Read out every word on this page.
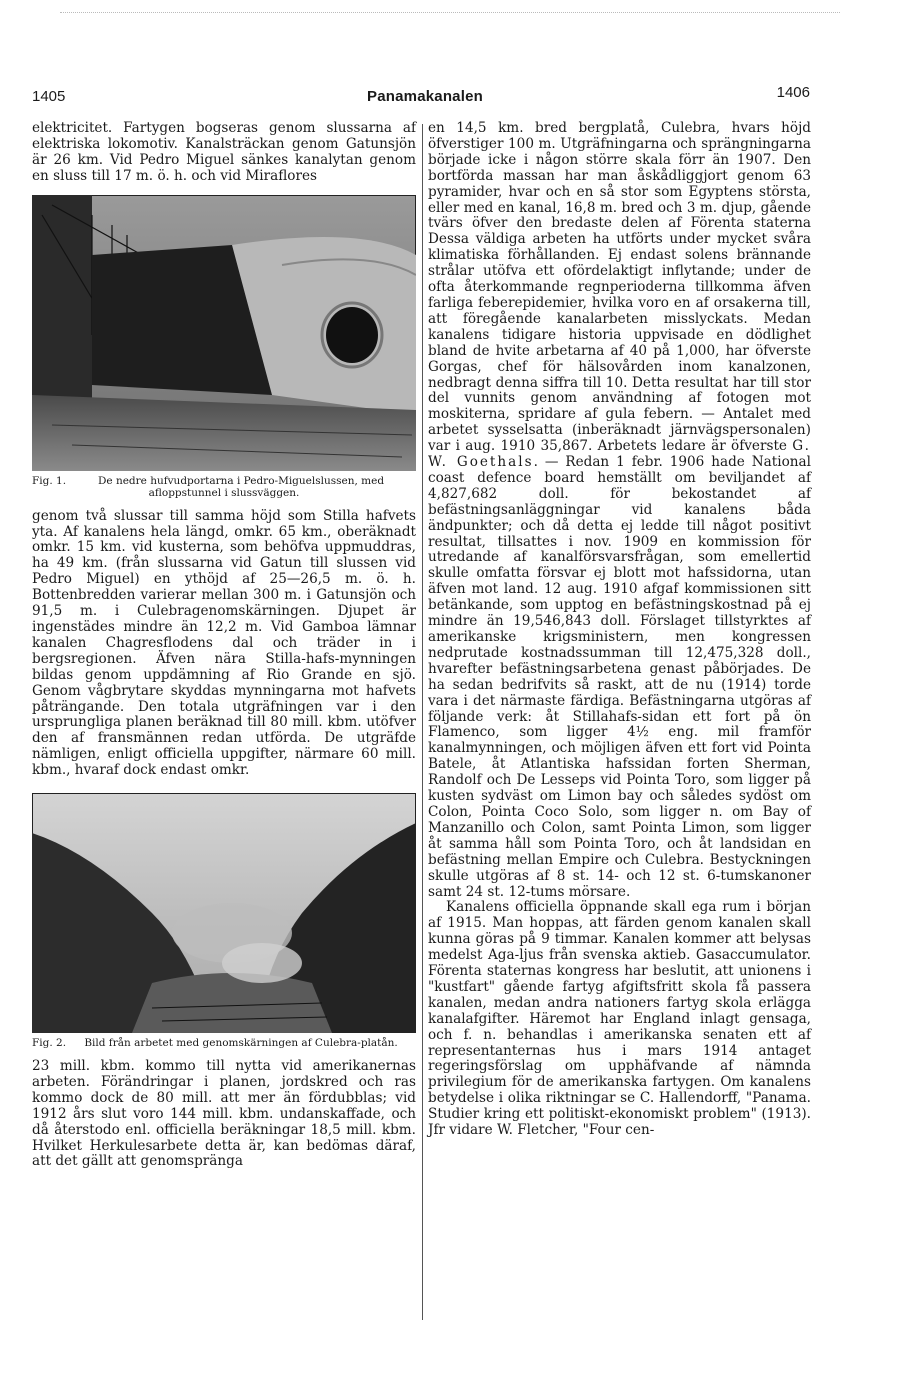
1405	Panamakanalen	1406

elektricitet. Fartygen bogseras genom slussarna af elektriska lokomotiv. Kanalsträckan genom Gatunsjön är 26 km. Vid Pedro Miguel sänkes kanalytan genom en sluss till 17 m. ö. h. och vid Miraflores

Fig. 1.	De nedre hufvudportarna i Pedro-Miguelslussen, med afloppstunnel i slussväggen.

genom två slussar till samma höjd som Stilla hafvets yta. Af kanalens hela längd, omkr. 65 km., oberäknadt omkr. 15 km. vid kusterna, som behöfva uppmuddras, ha 49 km. (från slussarna vid Gatun till slussen vid Pedro Miguel) en ythöjd af 25—26,5 m. ö. h. Bottenbredden varierar mellan 300 m. i Gatunsjön och 91,5 m. i Culebragenomskärningen. Djupet är ingenstädes mindre än 12,2 m. Vid Gamboa lämnar kanalen Chagresflodens dal och träder in i bergsregionen. Äfven nära Stilla-hafs-mynningen bildas genom uppdämning af Rio Grande en sjö. Genom vågbrytare skyddas mynningarna mot hafvets påträngande. Den totala utgräfningen var i den ursprungliga planen beräknad till 80 mill. kbm. utöfver den af fransmännen redan utförda. De utgräfde nämligen, enligt officiella uppgifter, närmare 60 mill. kbm., hvaraf dock endast omkr.

Fig. 2. Bild från arbetet med genomskärningen af Culebra-platån.

23 mill. kbm. kommo till nytta vid amerikanernas arbeten. Förändringar i planen, jordskred och ras kommo dock de 80 mill. att mer än fördubblas; vid 1912 års slut voro 144 mill. kbm. undanskaffade, och då återstodo enl. officiella beräkningar 18,5 mill. kbm. Hvilket Herkulesarbete detta är, kan bedömas däraf, att det gällt att genomspränga

en 14,5 km. bred bergplatå, Culebra, hvars höjd öfverstiger 100 m. Utgräfningarna och sprängningarna började icke i någon större skala förr än 1907. Den bortförda massan har man åskådliggjort genom 63 pyramider, hvar och en så stor som Egyptens största, eller med en kanal, 16,8 m. bred och 3 m. djup, gående tvärs öfver den bredaste delen af Förenta staterna Dessa väldiga arbeten ha utförts under mycket svåra klimatiska förhållanden. Ej endast solens brännande strålar utöfva ett ofördelaktigt inflytande; under de ofta återkommande regnperioderna tillkomma äfven farliga feberepidemier, hvilka voro en af orsakerna till, att föregående kanalarbeten misslyckats. Medan kanalens tidigare historia uppvisade en dödlighet bland de hvite arbetarna af 40 på 1,000, har öfverste Gorgas, chef för hälsovården inom kanalzonen, nedbragt denna siffra till 10. Detta resultat har till stor del vunnits genom användning af fotogen mot moskiterna, spridare af gula febern. — Antalet med arbetet sysselsatta (inberäknadt järnvägspersonalen) var i aug. 1910 35,867. Arbetets ledare är öfverste G. W. Goethals. — Redan 1 febr. 1906 hade National coast defence board hemställt om beviljandet af 4,827,682 doll. för bekostandet af befästningsanläggningar vid kanalens båda ändpunkter; och då detta ej ledde till något positivt resultat, tillsattes i nov. 1909 en kommission för utredande af kanalförsvarsfrågan, som emellertid skulle omfatta försvar ej blott mot hafssidorna, utan äfven mot land. 12 aug. 1910 afgaf kommissionen sitt betänkande, som upptog en befästningskostnad på ej mindre än 19,546,843 doll. Förslaget tillstyrktes af amerikanske krigsministern, men kongressen nedprutade kostnadssumman till 12,475,328 doll., hvarefter befästningsarbetena genast påbörjades. De ha sedan bedrifvits så raskt, att de nu (1914) torde vara i det närmaste färdiga. Befästningarna utgöras af följande verk: åt Stillahafs-sidan ett fort på ön Flamenco, som ligger 4½ eng. mil framför kanalmynningen, och möjligen äfven ett fort vid Pointa Batele, åt Atlantiska hafssidan forten Sherman, Randolf och De Lesseps vid Pointa Toro, som ligger på kusten sydväst om Limon bay och således sydöst om Colon, Pointa Coco Solo, som ligger n. om Bay of Manzanillo och Colon, samt Pointa Limon, som ligger åt samma håll som Pointa Toro, och åt landsidan en befästning mellan Empire och Culebra. Bestyckningen skulle utgöras af 8 st. 14- och 12 st. 6-tumskanoner samt 24 st. 12-tums mörsare.

Kanalens officiella öppnande skall ega rum i början af 1915. Man hoppas, att färden genom kanalen skall kunna göras på 9 timmar. Kanalen kommer att belysas medelst Aga-ljus från svenska aktieb. Gasaccumulator. Förenta staternas kongress har beslutit, att unionens i "kustfart" gående fartyg afgiftsfritt skola få passera kanalen, medan andra nationers fartyg skola erlägga kanalafgifter. Häremot har England inlagt gensaga, och f. n. behandlas i amerikanska senaten ett af representanternas hus i mars 1914 antaget regeringsförslag om upphäfvande af nämnda privilegium för de amerikanska fartygen. Om kanalens betydelse i olika riktningar se C. Hallendorff, "Panama. Studier kring ett politiskt-ekonomiskt problem" (1913). Jfr vidare W. Fletcher, "Four cen-
